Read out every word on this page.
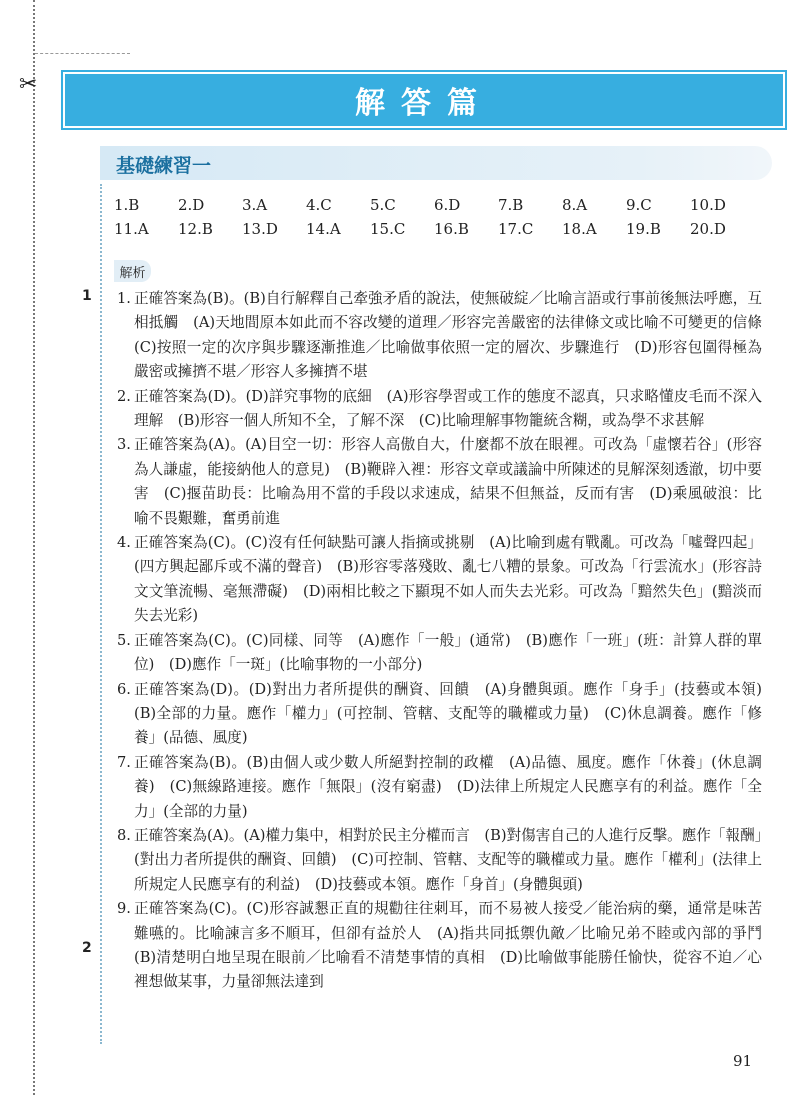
✂
解答篇
基礎練習一
1.B	2.D	3.A	4.C	5.C	6.D	7.B	8.A	9.C	10.D
11.A	12.B	13.D	14.A	15.C	16.B	17.C	18.A	19.B	20.D
解析
1
2
1. 正確答案為(B)。(B)自行解釋自己牽強矛盾的說法，使無破綻／比喻言語或行事前後無法呼應，互相抵觸　(A)天地間原本如此而不容改變的道理／形容完善嚴密的法律條文或比喻不可變更的信條　(C)按照一定的次序與步驟逐漸推進／比喻做事依照一定的層次、步驟進行　(D)形容包圍得極為嚴密或擁擠不堪／形容人多擁擠不堪
2. 正確答案為(D)。(D)詳究事物的底細　(A)形容學習或工作的態度不認真，只求略懂皮毛而不深入理解　(B)形容一個人所知不全，了解不深　(C)比喻理解事物籠統含糊，或為學不求甚解
3. 正確答案為(A)。(A)目空一切：形容人高傲自大，什麼都不放在眼裡。可改為「虛懷若谷」(形容為人謙虛，能接納他人的意見)　(B)鞭辟入裡：形容文章或議論中所陳述的見解深刻透澈，切中要害　(C)揠苗助長：比喻為用不當的手段以求速成，結果不但無益，反而有害　(D)乘風破浪：比喻不畏艱難，奮勇前進
4. 正確答案為(C)。(C)沒有任何缺點可讓人指摘或挑剔　(A)比喻到處有戰亂。可改為「噓聲四起」(四方興起鄙斥或不滿的聲音)　(B)形容零落殘敗、亂七八糟的景象。可改為「行雲流水」(形容詩文文筆流暢、毫無滯礙)　(D)兩相比較之下顯現不如人而失去光彩。可改為「黯然失色」(黯淡而失去光彩)
5. 正確答案為(C)。(C)同樣、同等　(A)應作「一般」(通常)　(B)應作「一班」(班：計算人群的單位)　(D)應作「一斑」(比喻事物的一小部分)
6. 正確答案為(D)。(D)對出力者所提供的酬資、回饋　(A)身體與頭。應作「身手」(技藝或本領)　(B)全部的力量。應作「權力」(可控制、管轄、支配等的職權或力量)　(C)休息調養。應作「修養」(品德、風度)
7. 正確答案為(B)。(B)由個人或少數人所絕對控制的政權　(A)品德、風度。應作「休養」(休息調養)　(C)無線路連接。應作「無限」(沒有窮盡)　(D)法律上所規定人民應享有的利益。應作「全力」(全部的力量)
8. 正確答案為(A)。(A)權力集中，相對於民主分權而言　(B)對傷害自己的人進行反擊。應作「報酬」(對出力者所提供的酬資、回饋)　(C)可控制、管轄、支配等的職權或力量。應作「權利」(法律上所規定人民應享有的利益)　(D)技藝或本領。應作「身首」(身體與頭)
9. 正確答案為(C)。(C)形容誠懇正直的規勸往往刺耳，而不易被人接受／能治病的藥，通常是味苦難嚥的。比喻諫言多不順耳，但卻有益於人　(A)指共同抵禦仇敵／比喻兄弟不睦或內部的爭鬥　(B)清楚明白地呈現在眼前／比喻看不清楚事情的真相　(D)比喻做事能勝任愉快，從容不迫／心裡想做某事，力量卻無法達到
91
